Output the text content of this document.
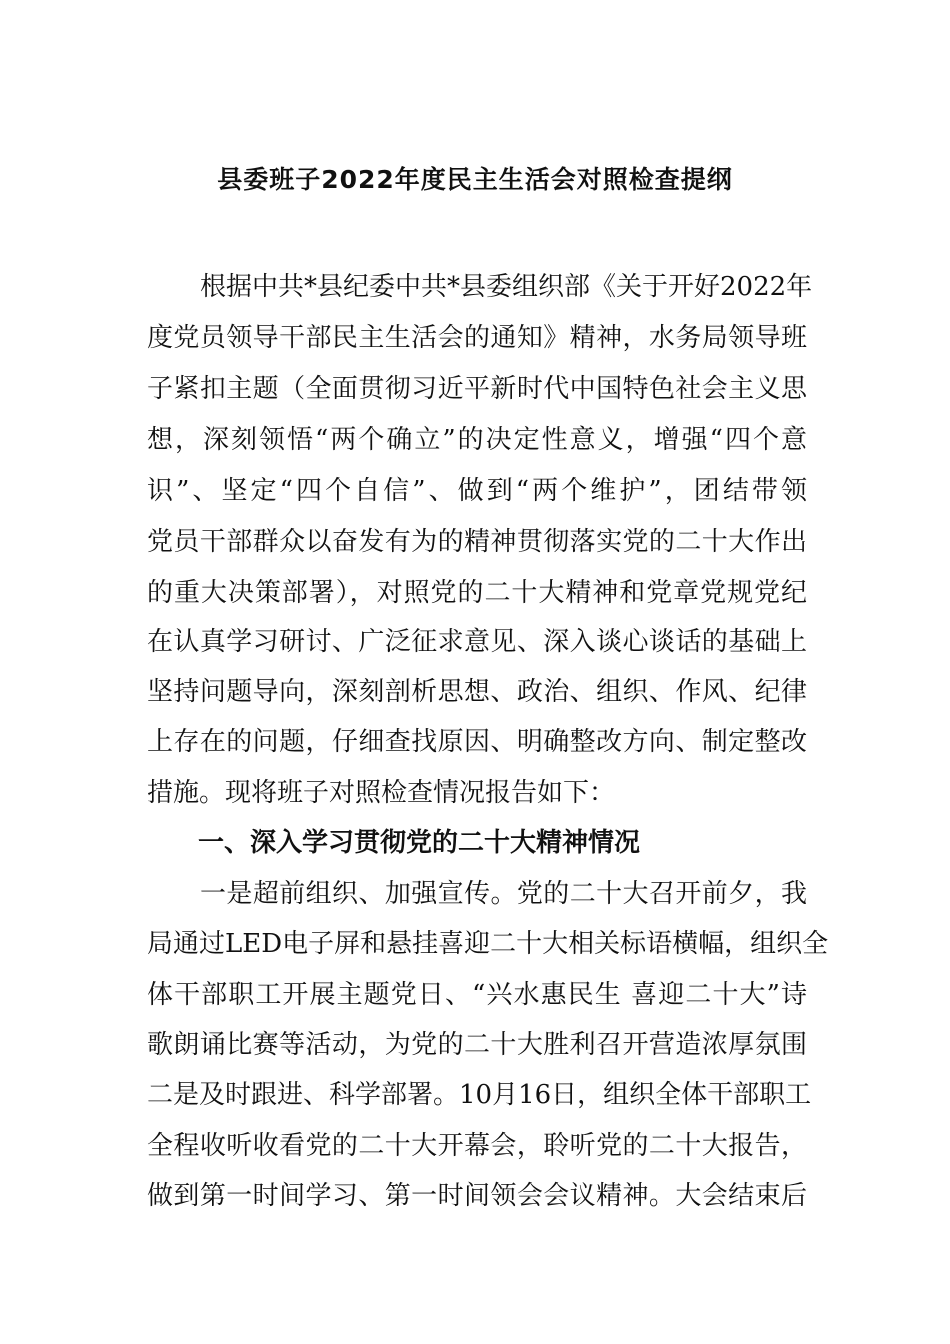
县委班子2022年度民主生活会对照检查提纲
根据中共*县纪委中共*县委组织部《关于开好2022年
度党员领导干部民主生活会的通知》精神，水务局领导班
子紧扣主题（全面贯彻习近平新时代中国特色社会主义思
想，深刻领悟“两个确立”的决定性意义，增强“四个意
识”、坚定“四个自信”、做到“两个维护”，团结带领
党员干部群众以奋发有为的精神贯彻落实党的二十大作出
的重大决策部署），对照党的二十大精神和党章党规党纪
在认真学习研讨、广泛征求意见、深入谈心谈话的基础上
坚持问题导向，深刻剖析思想、政治、组织、作风、纪律
上存在的问题，仔细查找原因、明确整改方向、制定整改
措施。现将班子对照检查情况报告如下：
一、深入学习贯彻党的二十大精神情况
一是超前组织、加强宣传。党的二十大召开前夕，我
局通过LED电子屏和悬挂喜迎二十大相关标语横幅，组织全
体干部职工开展主题党日、“兴水惠民生 喜迎二十大”诗
歌朗诵比赛等活动，为党的二十大胜利召开营造浓厚氛围
二是及时跟进、科学部署。10月16日，组织全体干部职工
全程收听收看党的二十大开幕会，聆听党的二十大报告，
做到第一时间学习、第一时间领会会议精神。大会结束后
